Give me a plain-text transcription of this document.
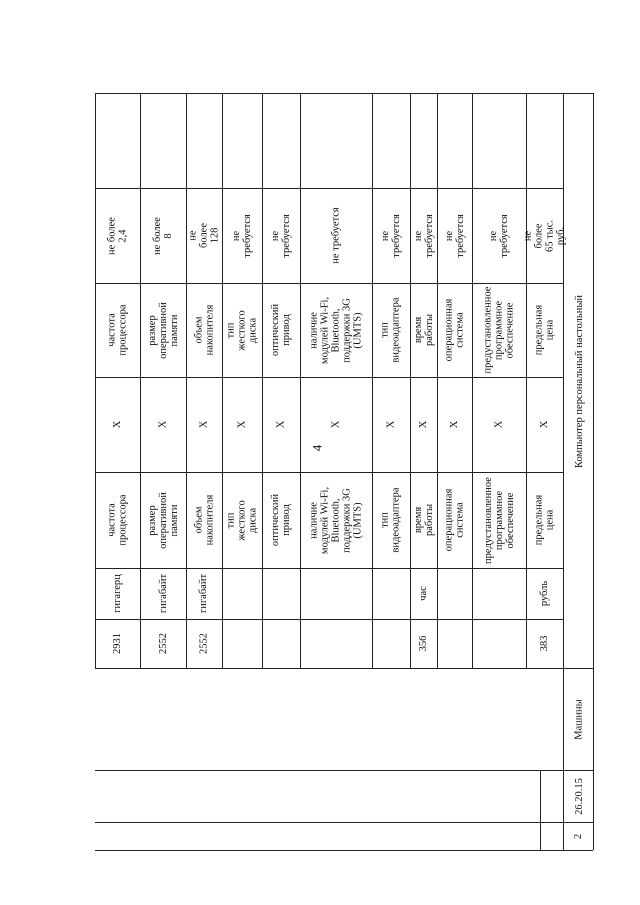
4
Машины
26.20.15
2
Компьютер персональный настольный
не более 2,4
частота процессора
X
частота процессора
гигагерц
2931
не более 8
размер оперативной памяти
X
размер оперативной памяти
гигабайт
2552
не более 128
объем накопителя
X
объем накопителя
гигабайт
2552
не требуется
тип жесткого диска
X
тип жесткого диска
не требуется
оптический привод
X
оптический привод
не требуется
наличие модулей Wi-Fi, Bluetooth, поддержки 3G (UMTS)
X
наличие модулей Wi-Fi, Bluetooth, поддержки 3G (UMTS)
не требуется
тип видеоадаптера
X
тип видеоадаптера
не требуется
время работы
X
время работы
час
356
не требуется
операционная система
X
операционная система
не требуется
предустановленное программное обеспечение
X
предустановленное программное обеспечение
не более 65 тыс. руб.
предельная цена
X
предельная цена
рубль
383
